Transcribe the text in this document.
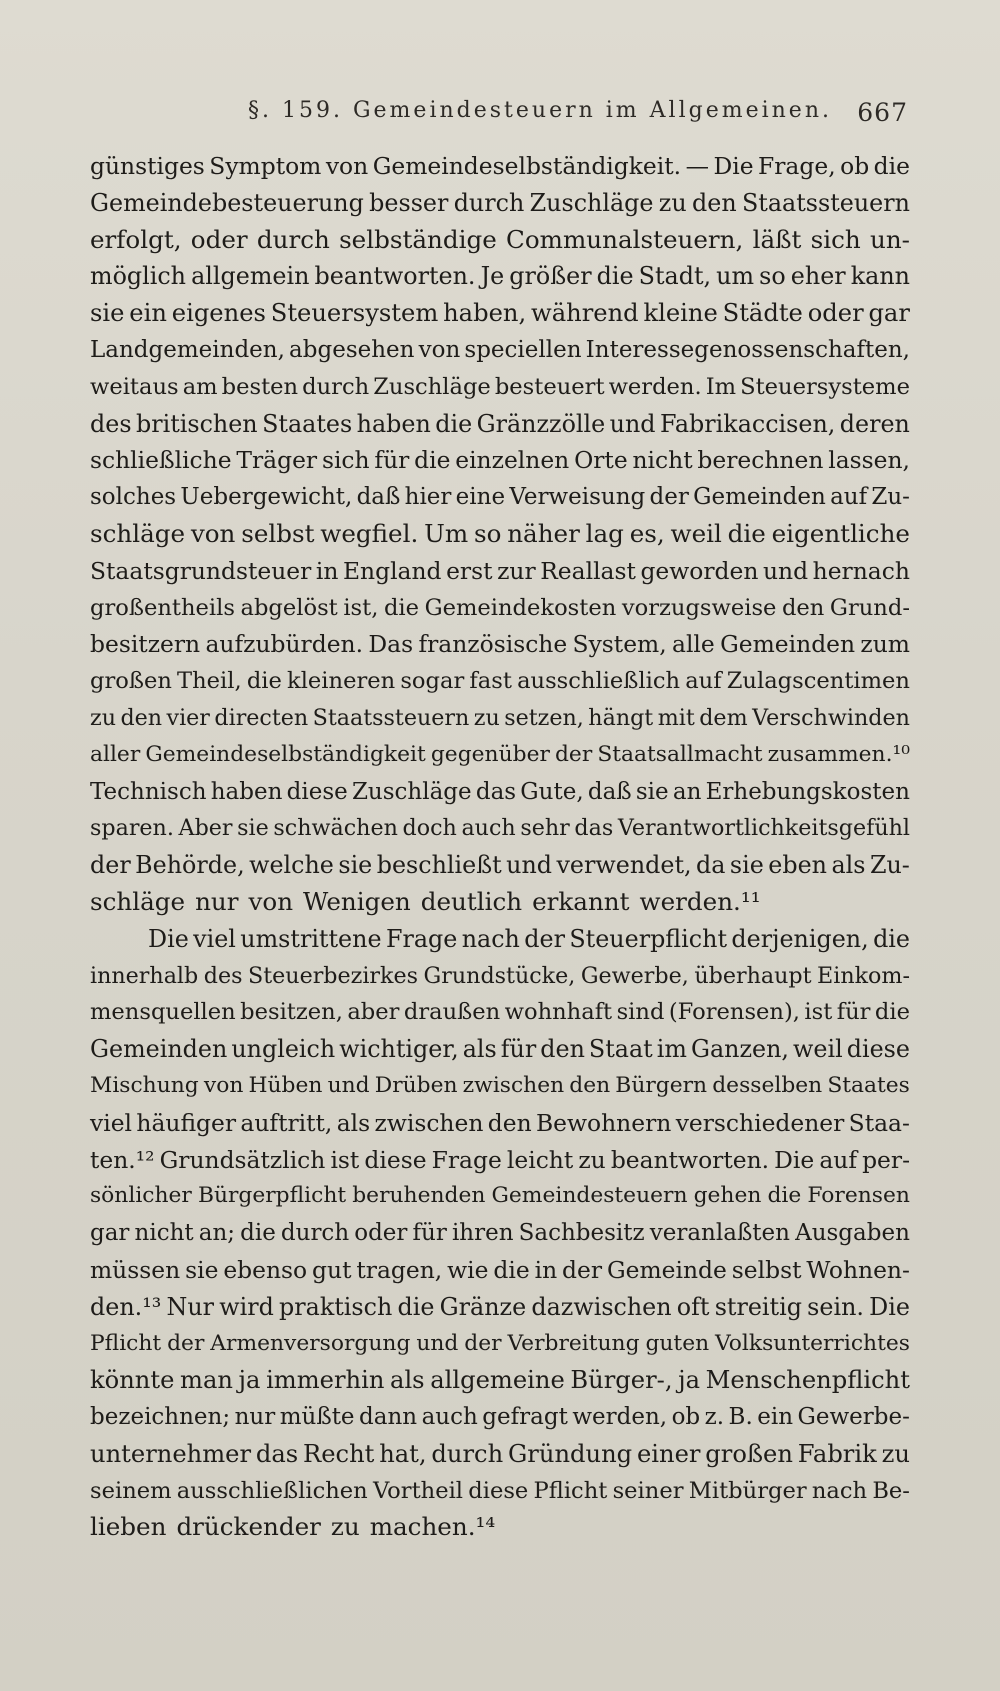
§. 159. Gemeindesteuern im Allgemeinen. 667
günstiges Symptom von Gemeindeselbständigkeit. — Die Frage, ob die
Gemeindebesteuerung besser durch Zuschläge zu den Staatssteuern
erfolgt, oder durch selbständige Communalsteuern, läßt sich un-
möglich allgemein beantworten. Je größer die Stadt, um so eher kann
sie ein eigenes Steuersystem haben, während kleine Städte oder gar
Landgemeinden, abgesehen von speciellen Interessegenossenschaften,
weitaus am besten durch Zuschläge besteuert werden. Im Steuersysteme
des britischen Staates haben die Gränzzölle und Fabrikaccisen, deren
schließliche Träger sich für die einzelnen Orte nicht berechnen lassen,
solches Uebergewicht, daß hier eine Verweisung der Gemeinden auf Zu-
schläge von selbst wegfiel. Um so näher lag es, weil die eigentliche
Staatsgrundsteuer in England erst zur Reallast geworden und hernach
großentheils abgelöst ist, die Gemeindekosten vorzugsweise den Grund-
besitzern aufzubürden. Das französische System, alle Gemeinden zum
großen Theil, die kleineren sogar fast ausschließlich auf Zulagscentimen
zu den vier directen Staatssteuern zu setzen, hängt mit dem Verschwinden
aller Gemeindeselbständigkeit gegenüber der Staatsallmacht zusammen.¹⁰
Technisch haben diese Zuschläge das Gute, daß sie an Erhebungskosten
sparen. Aber sie schwächen doch auch sehr das Verantwortlichkeitsgefühl
der Behörde, welche sie beschließt und verwendet, da sie eben als Zu-
schläge nur von Wenigen deutlich erkannt werden.¹¹
Die viel umstrittene Frage nach der Steuerpflicht derjenigen, die
innerhalb des Steuerbezirkes Grundstücke, Gewerbe, überhaupt Einkom-
mensquellen besitzen, aber draußen wohnhaft sind (Forensen), ist für die
Gemeinden ungleich wichtiger, als für den Staat im Ganzen, weil diese
Mischung von Hüben und Drüben zwischen den Bürgern desselben Staates
viel häufiger auftritt, als zwischen den Bewohnern verschiedener Staa-
ten.¹² Grundsätzlich ist diese Frage leicht zu beantworten. Die auf per-
sönlicher Bürgerpflicht beruhenden Gemeindesteuern gehen die Forensen
gar nicht an; die durch oder für ihren Sachbesitz veranlaßten Ausgaben
müssen sie ebenso gut tragen, wie die in der Gemeinde selbst Wohnen-
den.¹³ Nur wird praktisch die Gränze dazwischen oft streitig sein. Die
Pflicht der Armenversorgung und der Verbreitung guten Volksunterrichtes
könnte man ja immerhin als allgemeine Bürger-, ja Menschenpflicht
bezeichnen; nur müßte dann auch gefragt werden, ob z. B. ein Gewerbe-
unternehmer das Recht hat, durch Gründung einer großen Fabrik zu
seinem ausschließlichen Vortheil diese Pflicht seiner Mitbürger nach Be-
lieben drückender zu machen.¹⁴
